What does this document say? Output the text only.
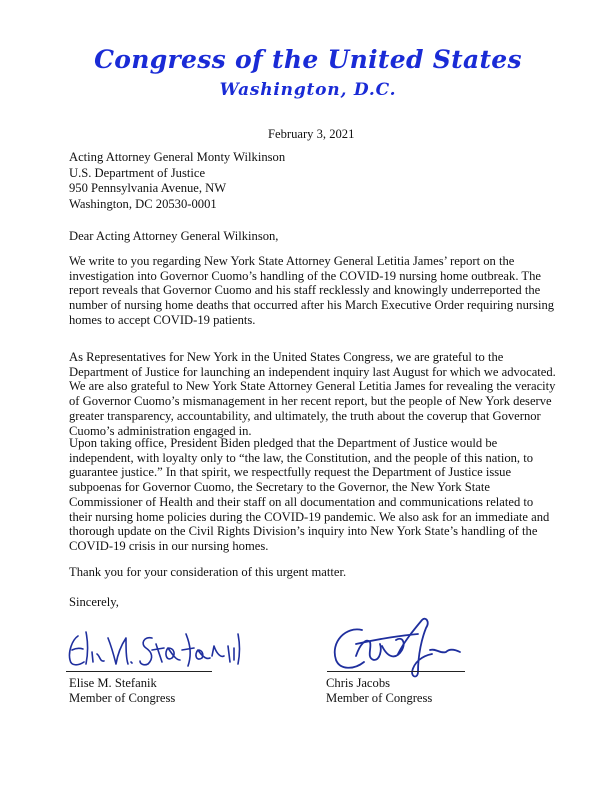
Congress of the United States
Washington, D.C.
February 3, 2021
Acting Attorney General Monty Wilkinson
U.S. Department of Justice
950 Pennsylvania Avenue, NW
Washington, DC 20530-0001
Dear Acting Attorney General Wilkinson,
We write to you regarding New York State Attorney General Letitia James’ report on the investigation into Governor Cuomo’s handling of the COVID-19 nursing home outbreak. The report reveals that Governor Cuomo and his staff recklessly and knowingly underreported the number of nursing home deaths that occurred after his March Executive Order requiring nursing homes to accept COVID-19 patients.
As Representatives for New York in the United States Congress, we are grateful to the Department of Justice for launching an independent inquiry last August for which we advocated. We are also grateful to New York State Attorney General Letitia James for revealing the veracity of Governor Cuomo’s mismanagement in her recent report, but the people of New York deserve greater transparency, accountability, and ultimately, the truth about the coverup that Governor Cuomo’s administration engaged in.
Upon taking office, President Biden pledged that the Department of Justice would be independent, with loyalty only to “the law, the Constitution, and the people of this nation, to guarantee justice.” In that spirit, we respectfully request the Department of Justice issue subpoenas for Governor Cuomo, the Secretary to the Governor, the New York State Commissioner of Health and their staff on all documentation and communications related to their nursing home policies during the COVID-19 pandemic. We also ask for an immediate and thorough update on the Civil Rights Division’s inquiry into New York State’s handling of the COVID-19 crisis in our nursing homes.
Thank you for your consideration of this urgent matter.
Sincerely,
Elise M. Stefanik
Member of Congress
Chris Jacobs
Member of Congress
